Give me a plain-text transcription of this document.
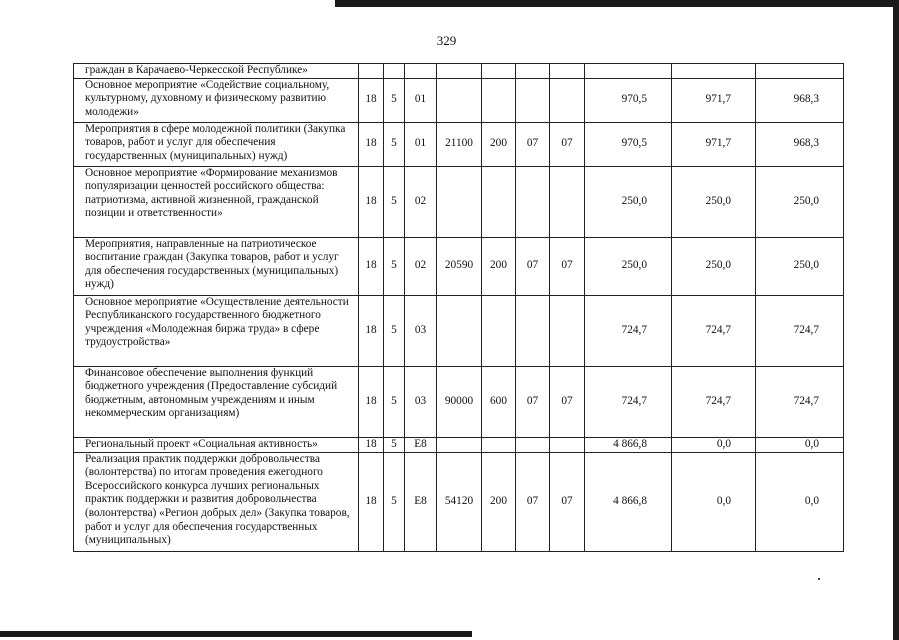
329
граждан в Карачаево-Черкесской Республике»										
Основное мероприятие «Содействие социальному, культурному, духовному и физическому развитию молодежи»	18	5	01					970,5	971,7	968,3
Мероприятия в сфере молодежной политики (Закупка товаров, работ и услуг для обеспечения государственных (муниципальных) нужд)	18	5	01	21100	200	07	07	970,5	971,7	968,3
Основное мероприятие «Формирование механизмов популяризации ценностей российского общества: патриотизма, активной жизненной, гражданской позиции и ответственности»	18	5	02					250,0	250,0	250,0
Мероприятия, направленные на патриотическое воспитание граждан (Закупка товаров, работ и услуг для обеспечения государственных (муниципальных) нужд)	18	5	02	20590	200	07	07	250,0	250,0	250,0
Основное мероприятие «Осуществление деятельности Республиканского государственного бюджетного учреждения «Молодежная биржа труда» в сфере трудоустройства»	18	5	03					724,7	724,7	724,7
Финансовое обеспечение выполнения функций бюджетного учреждения (Предоставление субсидий бюджетным, автономным учреждениям и иным некоммерческим организациям)	18	5	03	90000	600	07	07	724,7	724,7	724,7
Региональный проект «Социальная активность»	18	5	E8					4 866,8	0,0	0,0
Реализация практик поддержки добровольчества (волонтерства) по итогам проведения ежегодного Всероссийского конкурса лучших региональных практик поддержки и развития добровольчества (волонтерства) «Регион добрых дел» (Закупка товаров, работ и услуг для обеспечения государственных (муниципальных)	18	5	E8	54120	200	07	07	4 866,8	0,0	0,0
